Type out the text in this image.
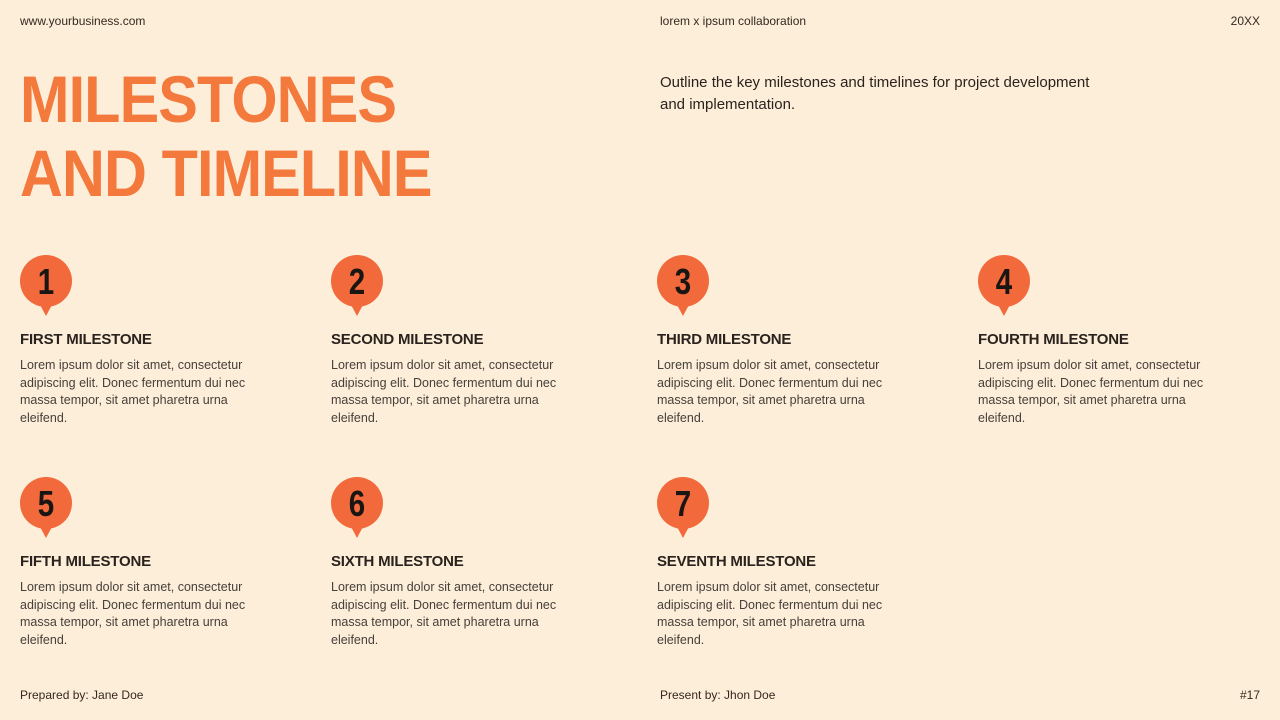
www.yourbusiness.com	lorem x ipsum collaboration	20XX
MILESTONES
AND TIMELINE

Outline the key milestones and timelines for project development and implementation.

1
FIRST MILESTONE

Lorem ipsum dolor sit amet, consectetur adipiscing elit. Donec fermentum dui nec massa tempor, sit amet pharetra urna eleifend.

2
SECOND MILESTONE

Lorem ipsum dolor sit amet, consectetur adipiscing elit. Donec fermentum dui nec massa tempor, sit amet pharetra urna eleifend.

3
THIRD MILESTONE

Lorem ipsum dolor sit amet, consectetur adipiscing elit. Donec fermentum dui nec massa tempor, sit amet pharetra urna eleifend.

4
FOURTH MILESTONE

Lorem ipsum dolor sit amet, consectetur adipiscing elit. Donec fermentum dui nec massa tempor, sit amet pharetra urna eleifend.

5
FIFTH MILESTONE

Lorem ipsum dolor sit amet, consectetur adipiscing elit. Donec fermentum dui nec massa tempor, sit amet pharetra urna eleifend.

6
SIXTH MILESTONE

Lorem ipsum dolor sit amet, consectetur adipiscing elit. Donec fermentum dui nec massa tempor, sit amet pharetra urna eleifend.

7
SEVENTH MILESTONE

Lorem ipsum dolor sit amet, consectetur adipiscing elit. Donec fermentum dui nec massa tempor, sit amet pharetra urna eleifend.

Prepared by: Jane Doe	Present by: Jhon Doe	#17
